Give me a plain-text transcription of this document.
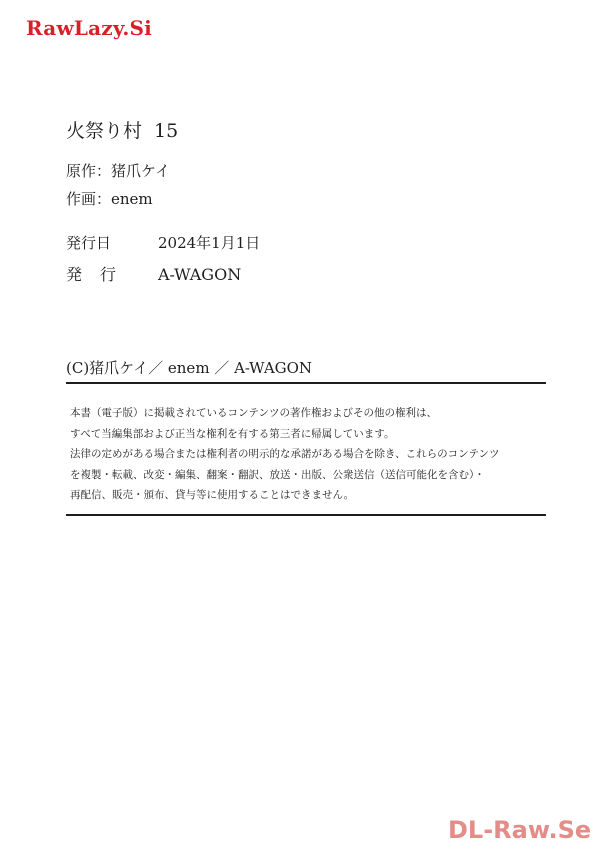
RawLazy.Si
火祭り村 15
原作：猪爪ケイ
作画：enem
発行日	2024年1月1日
発行 A-WAGON
(C)猪爪ケイ／ enem ／ A-WAGON
本書（電子版）に掲載されているコンテンツの著作権およびその他の権利は、
すべて当編集部および正当な権利を有する第三者に帰属しています。
法律の定めがある場合または権利者の明示的な承諾がある場合を除き、これらのコンテンツ
を複製・転載、改変・編集、翻案・翻訳、放送・出版、公衆送信（送信可能化を含む）・
再配信、販売・頒布、貸与等に使用することはできません。
DL-Raw.Se
